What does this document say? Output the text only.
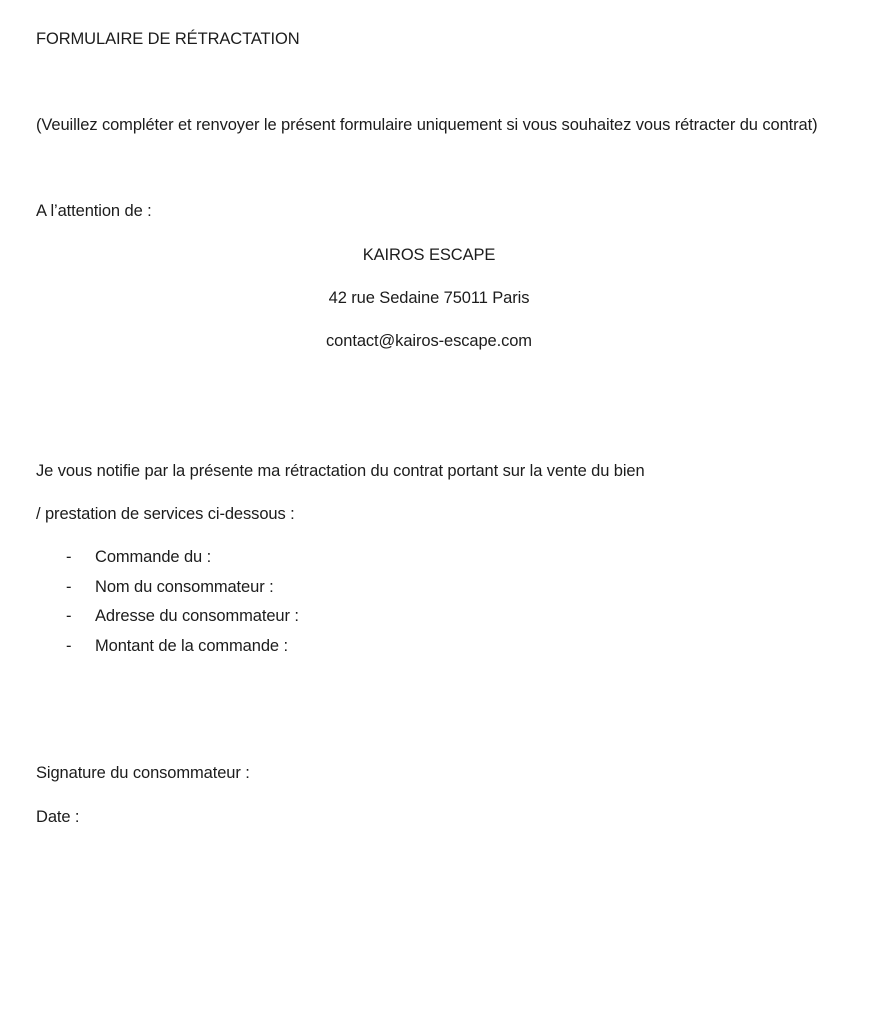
FORMULAIRE DE RÉTRACTATION

(Veuillez compléter et renvoyer le présent formulaire uniquement si vous souhaitez vous rétracter du contrat)

A l’attention de :

KAIROS ESCAPE

42 rue Sedaine 75011 Paris

contact@kairos-escape.com

Je vous notifie par la présente ma rétractation du contrat portant sur la vente du bien

/ prestation de services ci-dessous :

-	Commande du :
-	Nom du consommateur :
-	Adresse du consommateur :
-	Montant de la commande :

Signature du consommateur :

Date :
